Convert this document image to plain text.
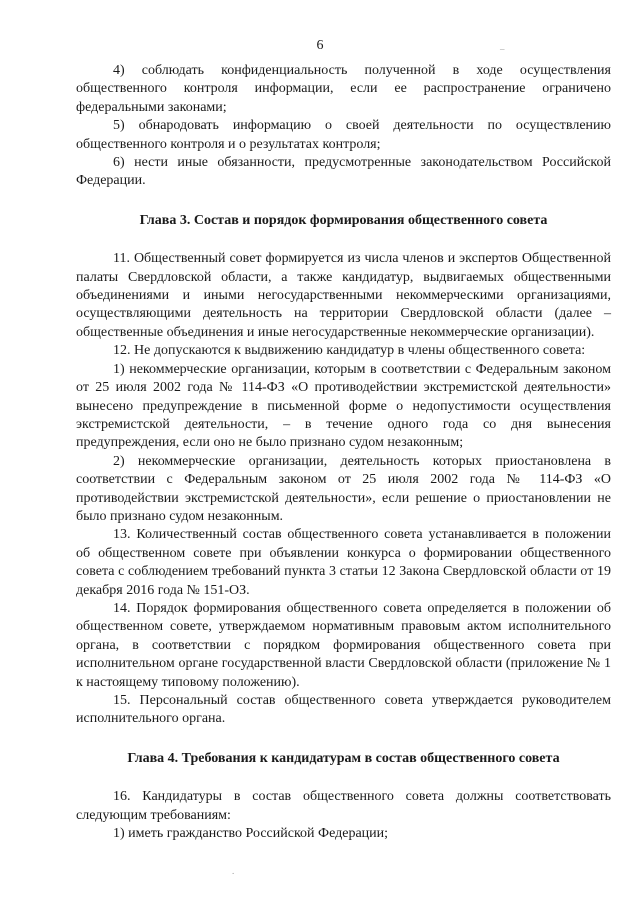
6	–

4) соблюдать конфиденциальность полученной в ходе осуществления общественного контроля информации, если ее распространение ограничено федеральными законами;

5) обнародовать информацию о своей деятельности по осуществлению общественного контроля и о результатах контроля;

6) нести иные обязанности, предусмотренные законодательством Российской Федерации.

Глава 3. Состав и порядок формирования общественного совета

11. Общественный совет формируется из числа членов и экспертов Общественной палаты Свердловской области, а также кандидатур, выдвигаемых общественными объединениями и иными негосударственными некоммерческими организациями, осуществляющими деятельность на территории Свердловской области (далее – общественные объединения и иные негосударственные некоммерческие организации).

12. Не допускаются к выдвижению кандидатур в члены общественного совета:

1) некоммерческие организации, которым в соответствии с Федеральным законом от 25 июля 2002 года № 114-ФЗ «О противодействии экстремистской деятельности» вынесено предупреждение в письменной форме о недопустимости осуществления экстремистской деятельности, – в течение одного года со дня вынесения предупреждения, если оно не было признано судом незаконным;

2) некоммерческие организации, деятельность которых приостановлена в соответствии с Федеральным законом от 25 июля 2002 года № 114-ФЗ «О противодействии экстремистской деятельности», если решение о приостановлении не было признано судом незаконным.

13. Количественный состав общественного совета устанавливается в положении об общественном совете при объявлении конкурса о формировании общественного совета с соблюдением требований пункта 3 статьи 12 Закона Свердловской области от 19 декабря 2016 года № 151-ОЗ.

14. Порядок формирования общественного совета определяется в положении об общественном совете, утверждаемом нормативным правовым актом исполнительного органа, в соответствии с порядком формирования общественного совета при исполнительном органе государственной власти Свердловской области (приложение № 1 к настоящему типовому положению).

15. Персональный состав общественного совета утверждается руководителем исполнительного органа.

Глава 4. Требования к кандидатурам в состав общественного совета

16. Кандидатуры в состав общественного совета должны соответствовать следующим требованиям:

1) иметь гражданство Российской Федерации;

.
